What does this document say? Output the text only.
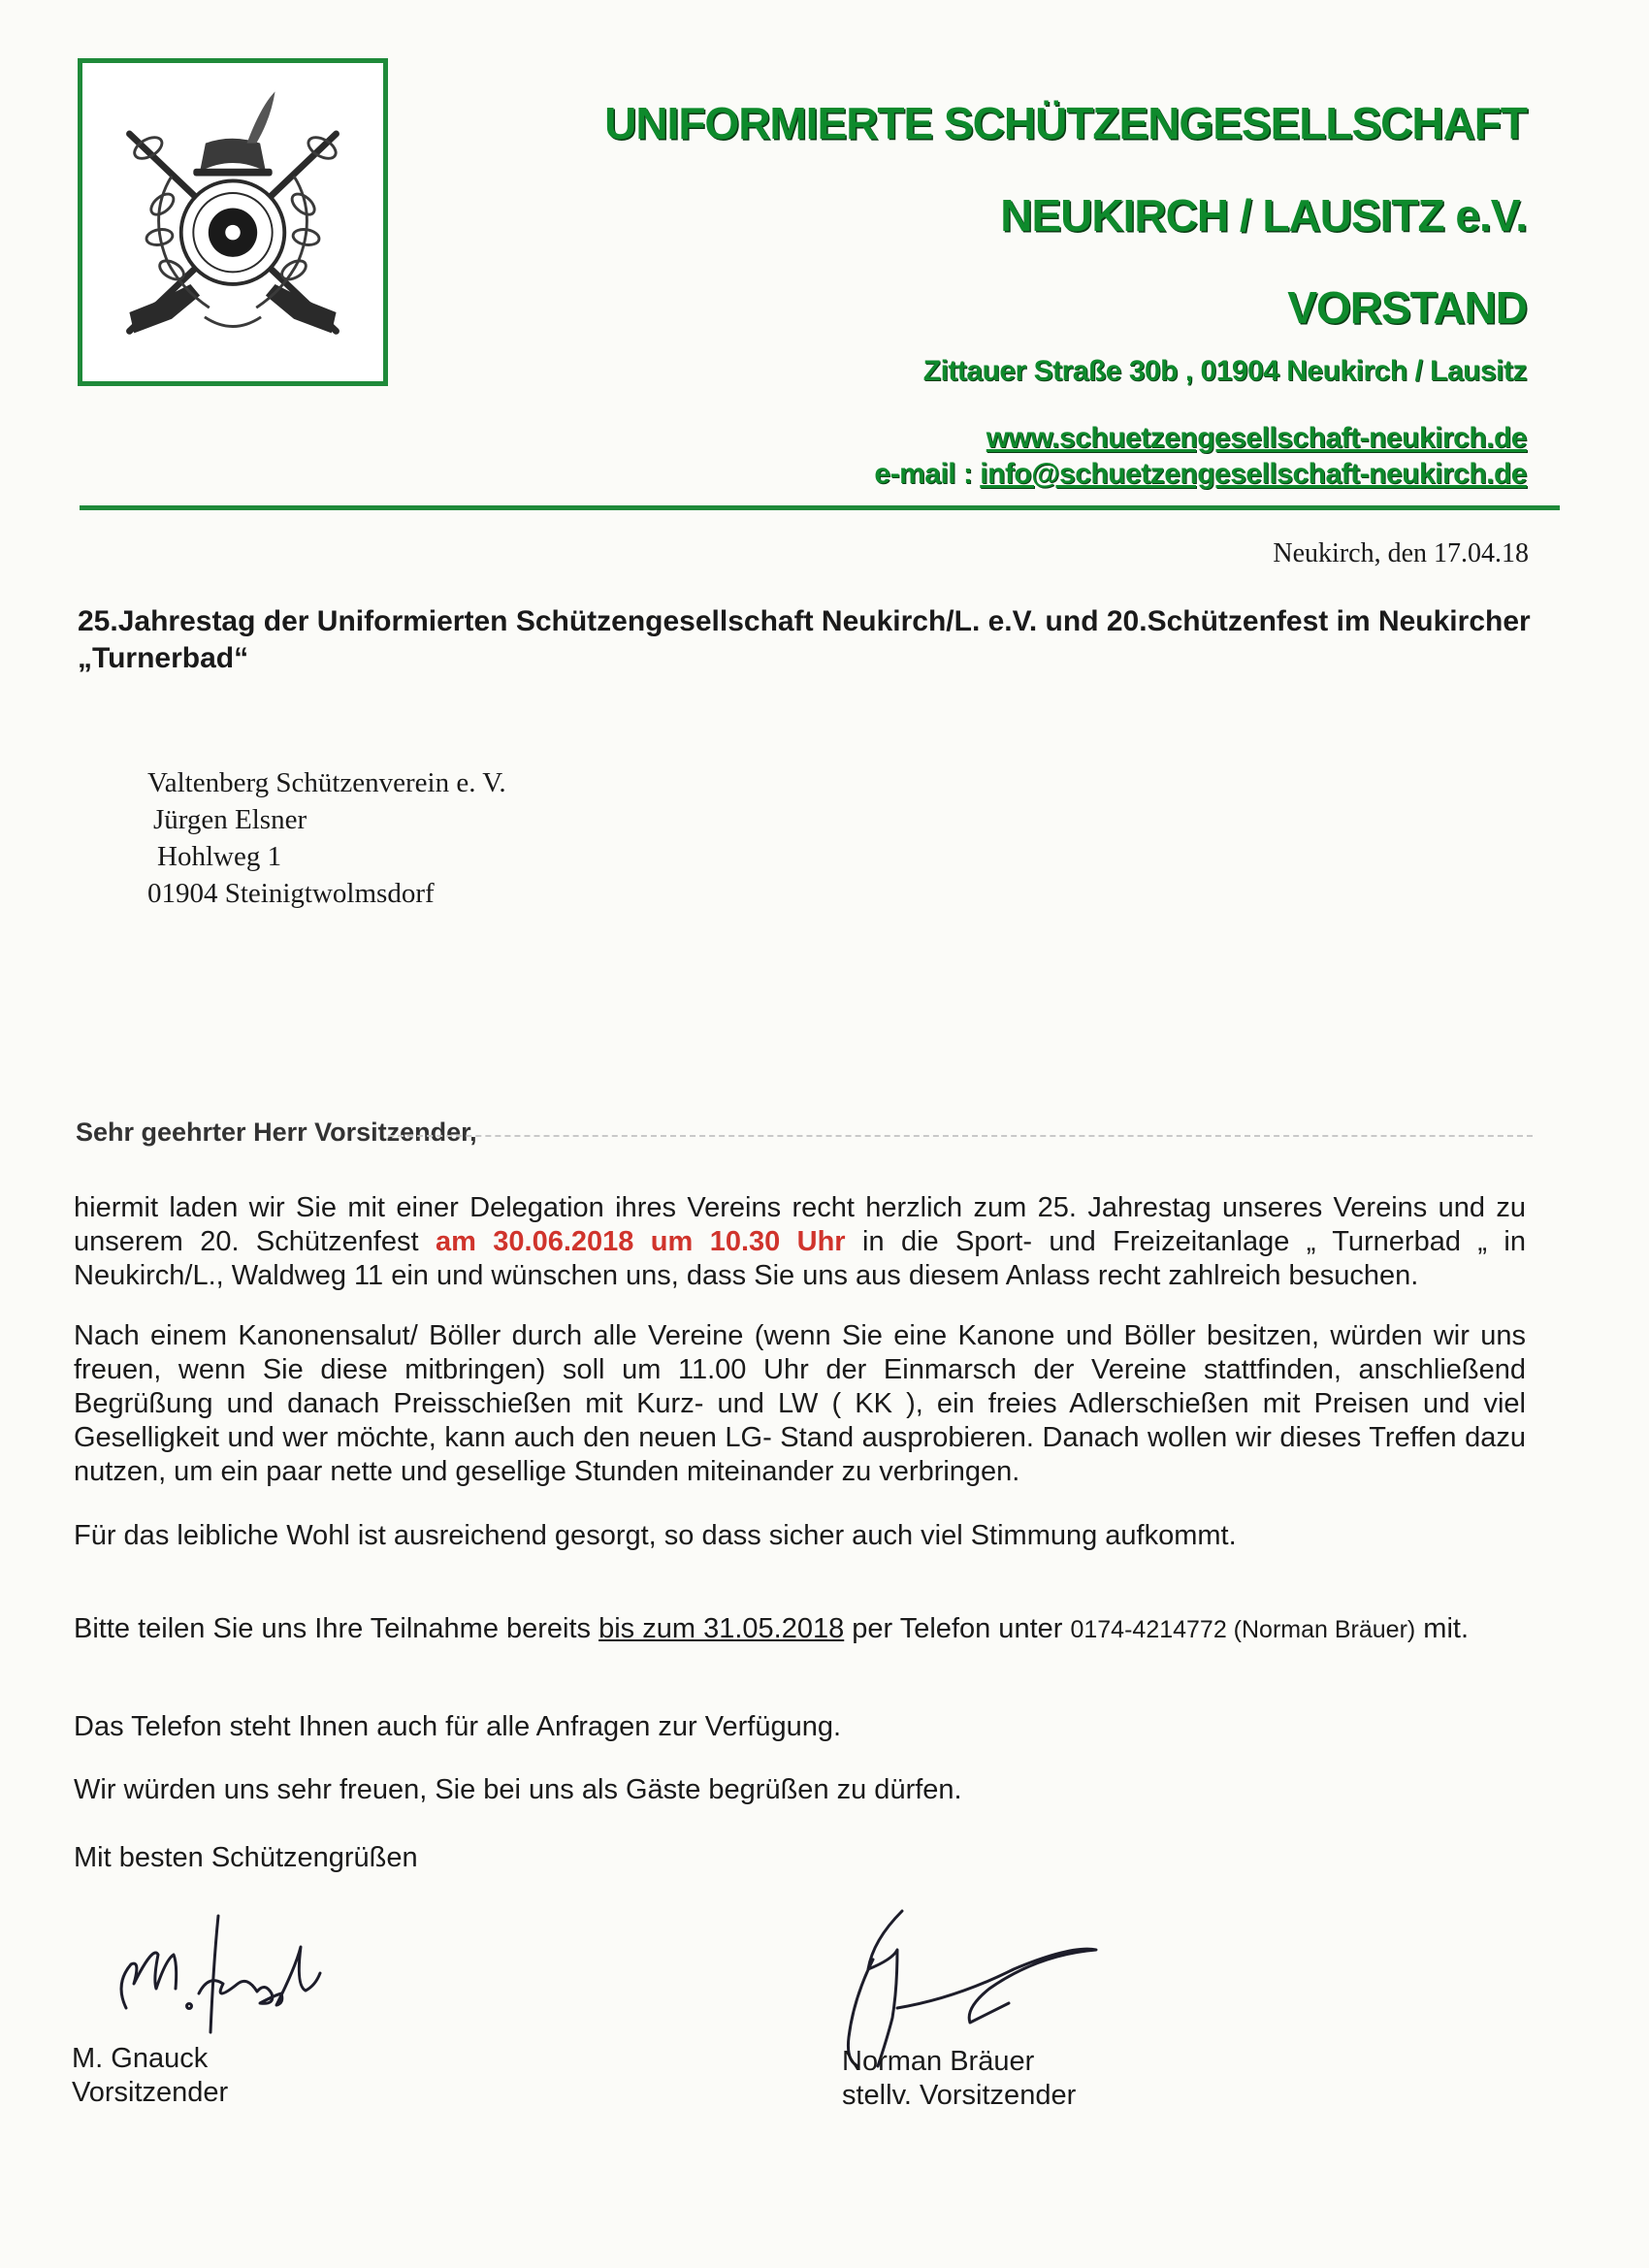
UNIFORMIERTE SCHÜTZENGESELLSCHAFT
NEUKIRCH / LAUSITZ e.V.
VORSTAND
Zittauer Straße 30b , 01904 Neukirch / Lausitz
www.schuetzengesellschaft-neukirch.de
e-mail : info@schuetzengesellschaft-neukirch.de
Neukirch, den 17.04.18
25.Jahrestag der Uniformierten Schützengesellschaft Neukirch/L. e.V. und 20.Schützenfest im Neukircher „Turnerbad“
Valtenberg Schützenverein e. V.
Jürgen Elsner
Hohlweg 1
01904 Steinigtwolmsdorf
Sehr geehrter Herr Vorsitzender,
hiermit laden wir Sie mit einer Delegation ihres Vereins recht herzlich zum 25. Jahrestag unseres Vereins und zu unserem 20. Schützenfest am 30.06.2018 um 10.30 Uhr in die Sport- und Freizeitanlage „ Turnerbad „ in Neukirch/L., Waldweg 11 ein und wünschen uns, dass Sie uns aus diesem Anlass recht zahlreich besuchen.
Nach einem Kanonensalut/ Böller durch alle Vereine (wenn Sie eine Kanone und Böller besitzen, würden wir uns freuen, wenn Sie diese mitbringen) soll um 11.00 Uhr der Einmarsch der Vereine stattfinden, anschließend Begrüßung und danach Preisschießen mit Kurz- und LW ( KK ), ein freies Adlerschießen mit Preisen und viel Geselligkeit und wer möchte, kann auch den neuen LG- Stand ausprobieren. Danach wollen wir dieses Treffen dazu nutzen, um ein paar nette und gesellige Stunden miteinander zu verbringen.
Für das leibliche Wohl ist ausreichend gesorgt, so dass sicher auch viel Stimmung aufkommt.
Bitte teilen Sie uns Ihre Teilnahme bereits bis zum 31.05.2018 per Telefon unter 0174-4214772 (Norman Bräuer) mit.
Das Telefon steht Ihnen auch für alle Anfragen zur Verfügung.
Wir würden uns sehr freuen, Sie bei uns als Gäste begrüßen zu dürfen.
Mit besten Schützengrüßen
M. Gnauck
Vorsitzender
Norman Bräuer
stellv. Vorsitzender
